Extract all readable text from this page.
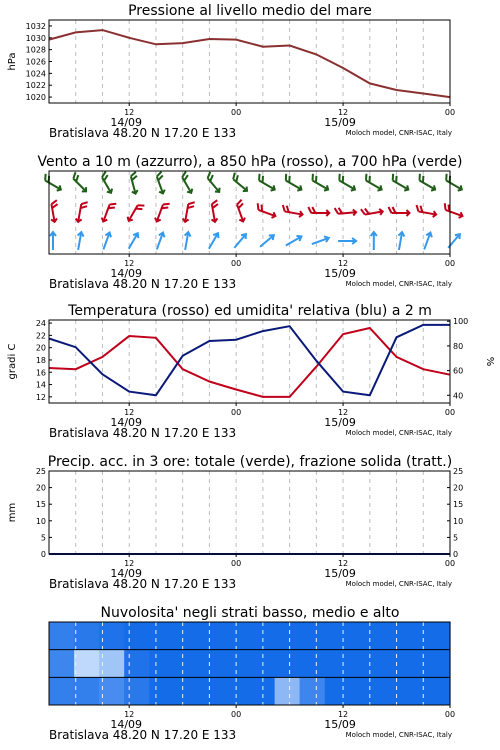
Pressione al livello medio del mare
1020
1022
1024
1026
1028
1030
1032
hPa
12	00	12	00
14/09	15/09
Bratislava 48.20 N 17.20 E 133	Moloch model, CNR-ISAC, Italy
Vento a 10 m (azzurro), a 850 hPa (rosso), a 700 hPa (verde)
12	00	12	00
14/09	15/09
Bratislava 48.20 N 17.20 E 133	Moloch model, CNR-ISAC, Italy
Temperatura (rosso) ed umidita' relativa (blu) a 2 m
12
14
16
18
20
22
24
40
60
80
100
gradi C	%
12	00	12	00
14/09	15/09
Bratislava 48.20 N 17.20 E 133	Moloch model, CNR-ISAC, Italy
Precip. acc. in 3 ore: totale (verde), frazione solida (tratt.)
0
5
10
15
20
25
0
5
10
15
20
25
mm
12	00	12	00
14/09	15/09
Bratislava 48.20 N 17.20 E 133	Moloch model, CNR-ISAC, Italy
Nuvolosita' negli strati basso, medio e alto
12	00	12	00
14/09	15/09
Bratislava 48.20 N 17.20 E 133	Moloch model, CNR-ISAC, Italy
